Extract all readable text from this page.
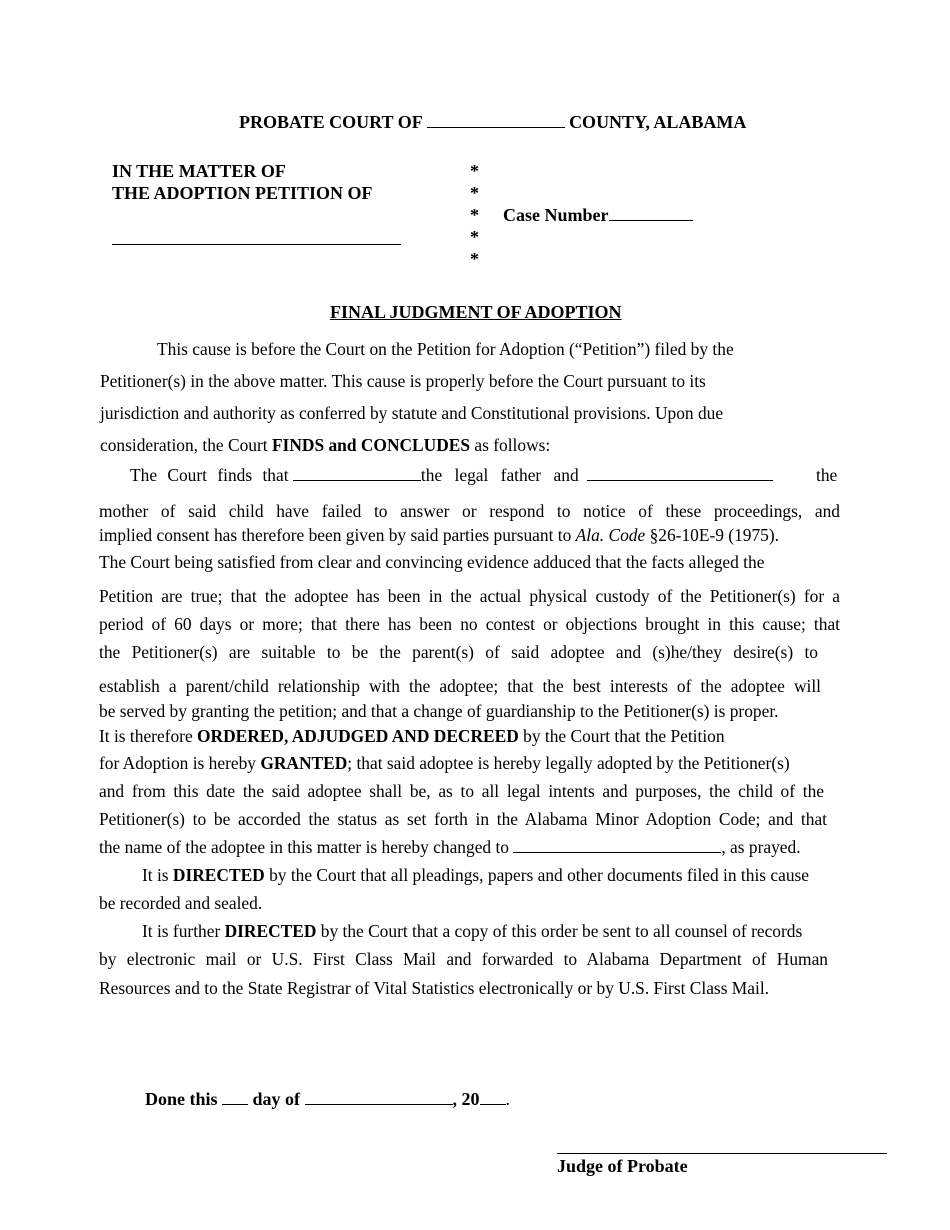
PROBATE COURT OF	COUNTY, ALABAMA
IN THE MATTER OF
THE ADOPTION PETITION OF
*
*
*
*
*
Case Number
FINAL JUDGMENT OF ADOPTION
This cause is before the Court on the Petition for Adoption (“Petition”) filed by the
Petitioner(s) in the above matter. This cause is properly before the Court pursuant to its
jurisdiction and authority as conferred by statute and Constitutional provisions. Upon due
consideration, the Court FINDS and CONCLUDES as follows:
The Court finds that	the legal father and	the
mother of said child have failed to answer or respond to notice of these proceedings, and
implied consent has therefore been given by said parties pursuant to Ala. Code §26-10E-9 (1975).
The Court being satisfied from clear and convincing evidence adduced that the facts alleged the
Petition are true; that the adoptee has been in the actual physical custody of the Petitioner(s) for a
period of 60 days or more; that there has been no contest or objections brought in this cause; that
the Petitioner(s) are suitable to be the parent(s) of said adoptee and (s)he/they desire(s) to
establish a parent/child relationship with the adoptee; that the best interests of the adoptee will
be served by granting the petition; and that a change of guardianship to the Petitioner(s) is proper.
It is therefore ORDERED, ADJUDGED AND DECREED by the Court that the Petition
for Adoption is hereby GRANTED; that said adoptee is hereby legally adopted by the Petitioner(s)
and from this date the said adoptee shall be, as to all legal intents and purposes, the child of the
Petitioner(s) to be accorded the status as set forth in the Alabama Minor Adoption Code; and that
the name of the adoptee in this matter is hereby changed to	, as prayed.
It is DIRECTED by the Court that all pleadings, papers and other documents filed in this cause
be recorded and sealed.
It is further DIRECTED by the Court that a copy of this order be sent to all counsel of records
by electronic mail or U.S. First Class Mail and forwarded to Alabama Department of Human
Resources and to the State Registrar of Vital Statistics electronically or by U.S. First Class Mail.
Done this day of	, 20 .
Judge of Probate
